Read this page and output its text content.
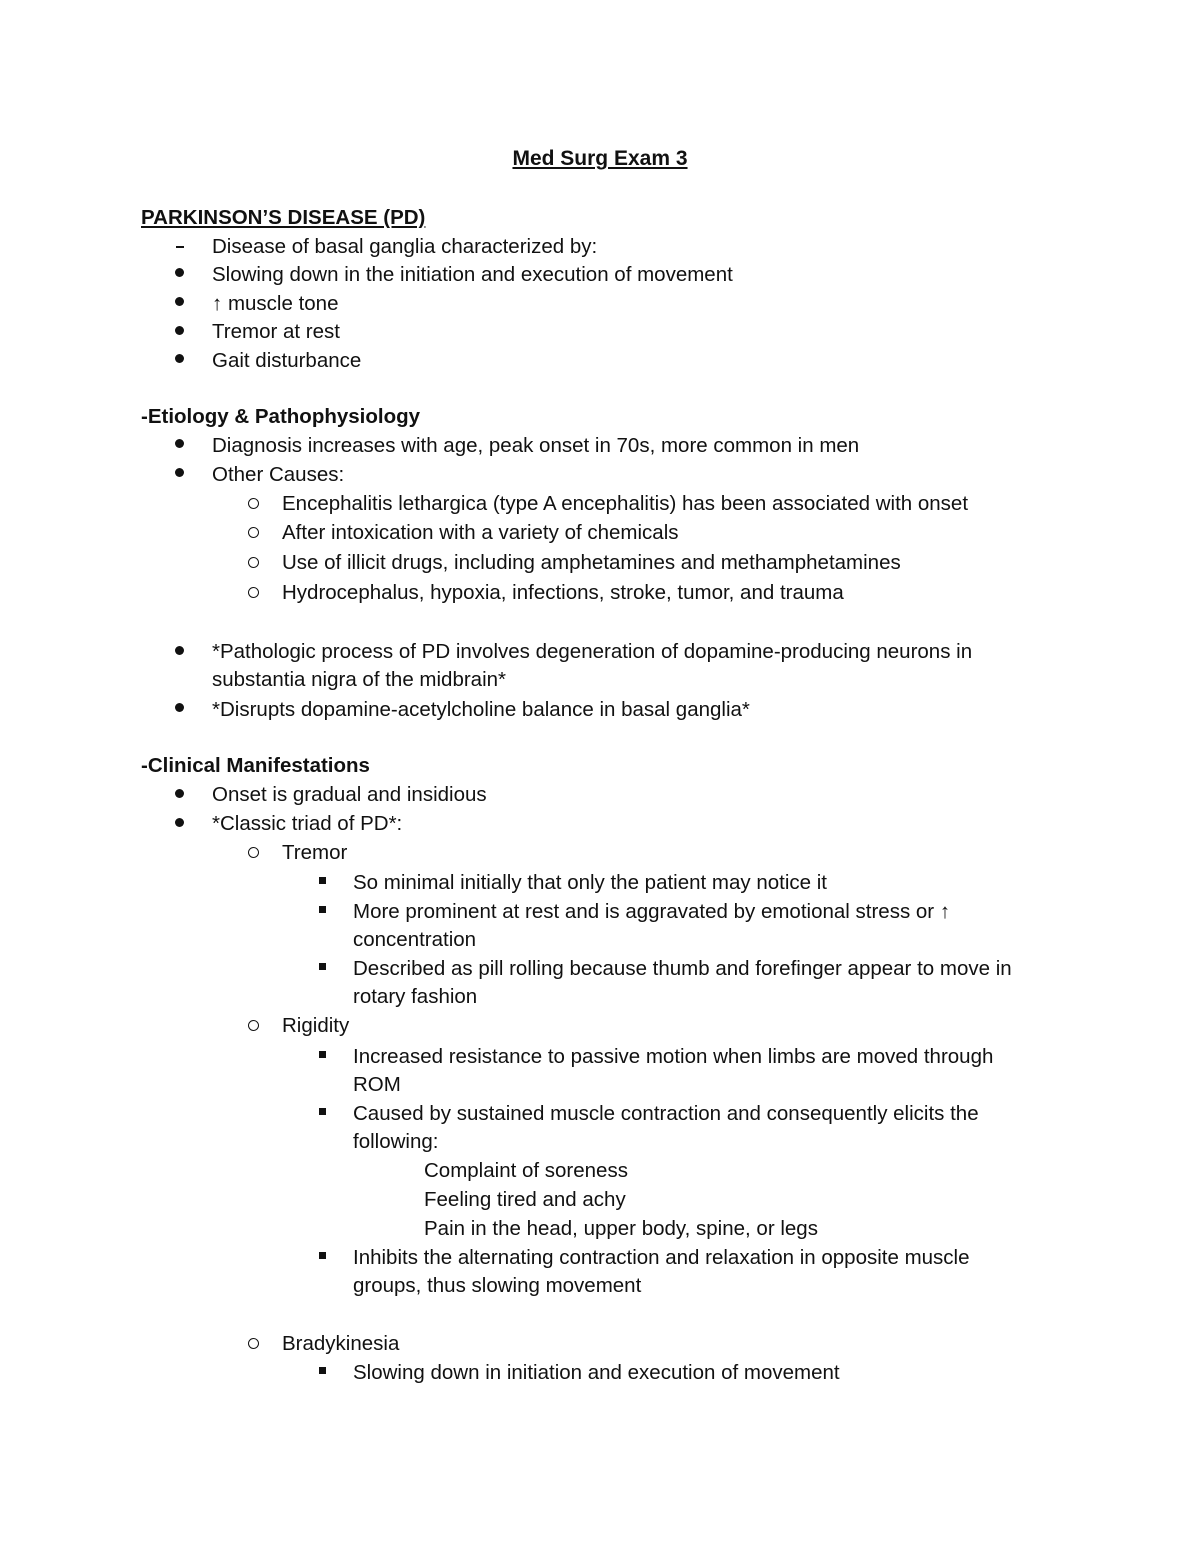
Med Surg Exam 3
PARKINSON’S DISEASE (PD)
Disease of basal ganglia characterized by:
Slowing down in the initiation and execution of movement
↑ muscle tone
Tremor at rest
Gait disturbance
-Etiology & Pathophysiology
Diagnosis increases with age, peak onset in 70s, more common in men
Other Causes:
Encephalitis lethargica (type A encephalitis) has been associated with onset
After intoxication with a variety of chemicals
Use of illicit drugs, including amphetamines and methamphetamines
Hydrocephalus, hypoxia, infections, stroke, tumor, and trauma
*Pathologic process of PD involves degeneration of dopamine-producing neurons in
substantia nigra of the midbrain*
*Disrupts dopamine-acetylcholine balance in basal ganglia*
-Clinical Manifestations
Onset is gradual and insidious
*Classic triad of PD*:
Tremor
So minimal initially that only the patient may notice it
More prominent at rest and is aggravated by emotional stress or ↑
concentration
Described as pill rolling because thumb and forefinger appear to move in
rotary fashion
Rigidity
Increased resistance to passive motion when limbs are moved through
ROM
Caused by sustained muscle contraction and consequently elicits the
following:
Complaint of soreness
Feeling tired and achy
Pain in the head, upper body, spine, or legs
Inhibits the alternating contraction and relaxation in opposite muscle
groups, thus slowing movement
Bradykinesia
Slowing down in initiation and execution of movement
